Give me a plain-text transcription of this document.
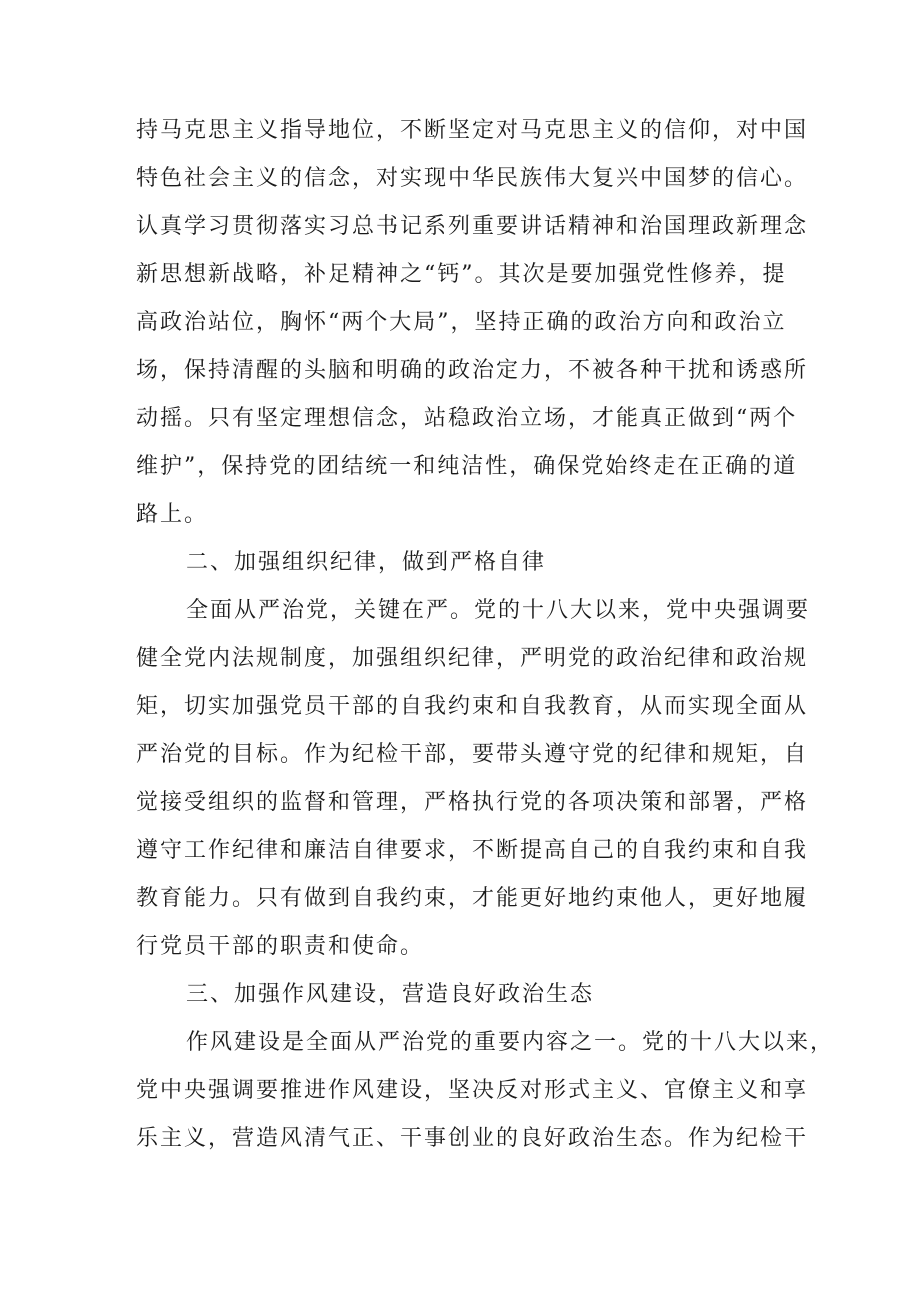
持马克思主义指导地位，不断坚定对马克思主义的信仰，对中国
特色社会主义的信念，对实现中华民族伟大复兴中国梦的信心。
认真学习贯彻落实习总书记系列重要讲话精神和治国理政新理念
新思想新战略，补足精神之“钙”。其次是要加强党性修养，提
高政治站位，胸怀“两个大局”，坚持正确的政治方向和政治立
场，保持清醒的头脑和明确的政治定力，不被各种干扰和诱惑所
动摇。只有坚定理想信念，站稳政治立场，才能真正做到“两个
维护”，保持党的团结统一和纯洁性，确保党始终走在正确的道
路上。
二、加强组织纪律，做到严格自律
全面从严治党，关键在严。党的十八大以来，党中央强调要
健全党内法规制度，加强组织纪律，严明党的政治纪律和政治规
矩，切实加强党员干部的自我约束和自我教育，从而实现全面从
严治党的目标。作为纪检干部，要带头遵守党的纪律和规矩，自
觉接受组织的监督和管理，严格执行党的各项决策和部署，严格
遵守工作纪律和廉洁自律要求，不断提高自己的自我约束和自我
教育能力。只有做到自我约束，才能更好地约束他人，更好地履
行党员干部的职责和使命。
三、加强作风建设，营造良好政治生态
作风建设是全面从严治党的重要内容之一。党的十八大以来，
党中央强调要推进作风建设，坚决反对形式主义、官僚主义和享
乐主义，营造风清气正、干事创业的良好政治生态。作为纪检干
